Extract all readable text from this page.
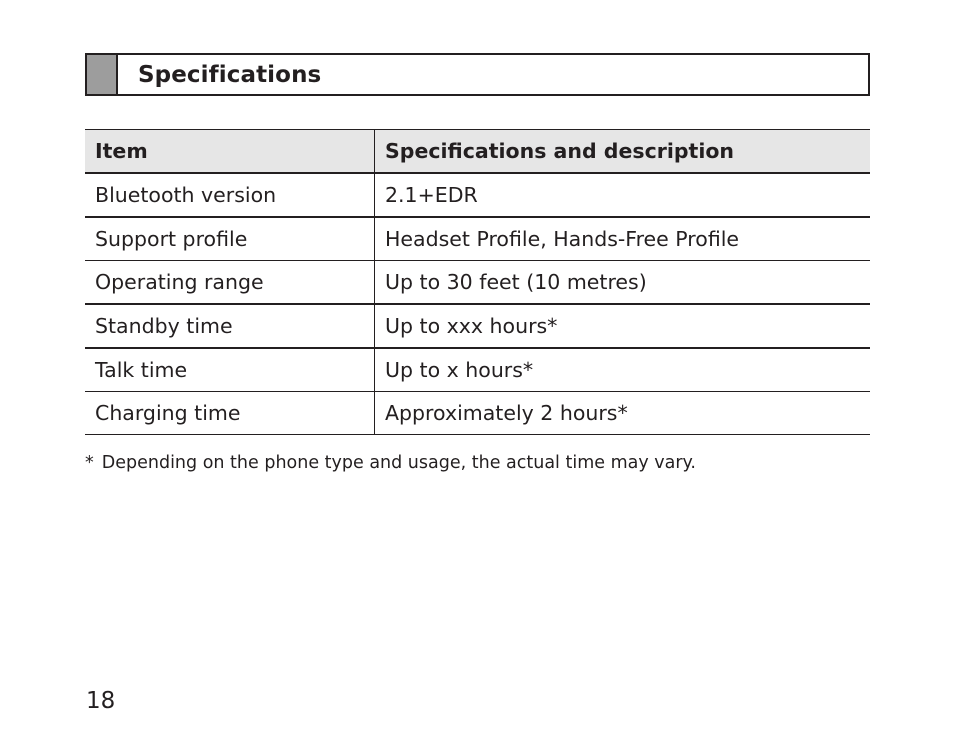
Specifications
Item	Specifications and description
Bluetooth version	2.1+EDR
Support profile	Headset Profile, Hands-Free Profile
Operating range	Up to 30 feet (10 metres)
Standby time	Up to xxx hours*
Talk time	Up to x hours*
Charging time	Approximately 2 hours*
* Depending on the phone type and usage, the actual time may vary.
18
